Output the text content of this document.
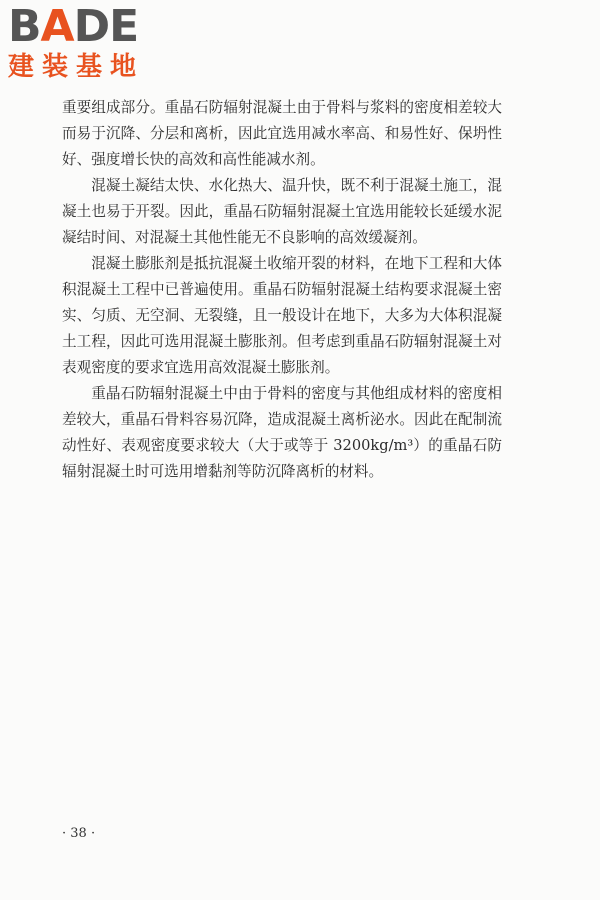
BADE
建装基地

重要组成部分。重晶石防辐射混凝土由于骨料与浆料的密度相差较大而易于沉降、分层和离析，因此宜选用减水率高、和易性好、保坍性好、强度增长快的高效和高性能减水剂。

混凝土凝结太快、水化热大、温升快，既不利于混凝土施工，混凝土也易于开裂。因此，重晶石防辐射混凝土宜选用能较长延缓水泥凝结时间、对混凝土其他性能无不良影响的高效缓凝剂。

混凝土膨胀剂是抵抗混凝土收缩开裂的材料，在地下工程和大体积混凝土工程中已普遍使用。重晶石防辐射混凝土结构要求混凝土密实、匀质、无空洞、无裂缝，且一般设计在地下，大多为大体积混凝土工程，因此可选用混凝土膨胀剂。但考虑到重晶石防辐射混凝土对表观密度的要求宜选用高效混凝土膨胀剂。

重晶石防辐射混凝土中由于骨料的密度与其他组成材料的密度相差较大，重晶石骨料容易沉降，造成混凝土离析泌水。因此在配制流动性好、表观密度要求较大（大于或等于 3200kg/m³）的重晶石防辐射混凝土时可选用增黏剂等防沉降离析的材料。

· 38 ·
